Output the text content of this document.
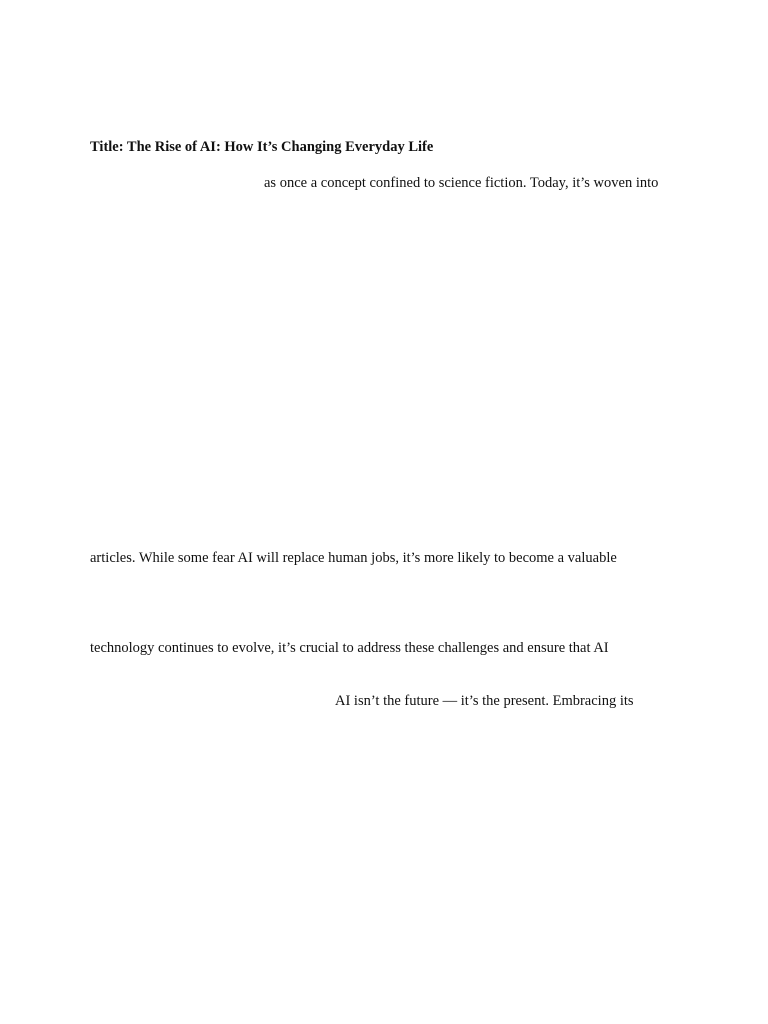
Title: The Rise of AI: How It’s Changing Everyday Life

as once a concept confined to science fiction. Today, it’s woven into

articles. While some fear AI will replace human jobs, it’s more likely to become a valuable

technology continues to evolve, it’s crucial to address these challenges and ensure that AI

AI isn’t the future — it’s the present. Embracing its
